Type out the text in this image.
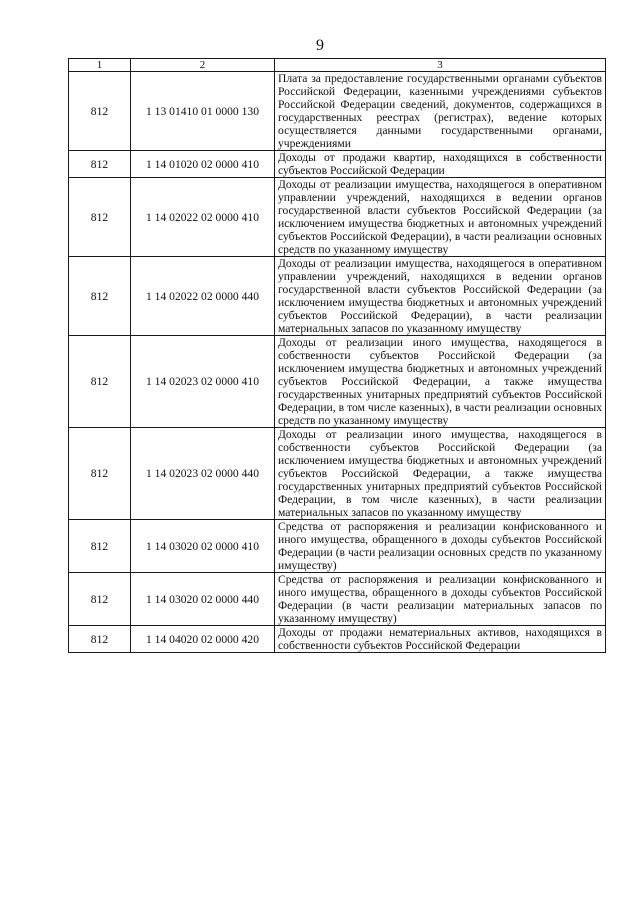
9
1	2	3
812	1 13 01410 01 0000 130	Плата за предоставление государственными органами субъектов Российской Федерации, казенными учреждениями субъектов Российской Федерации сведений, документов, содержащихся в государственных реестрах (регистрах), ведение которых осуществляется данными государственными органами, учреждениями
812	1 14 01020 02 0000 410	Доходы от продажи квартир, находящихся в собственности субъектов Российской Федерации
812	1 14 02022 02 0000 410	Доходы от реализации имущества, находящегося в оперативном управлении учреждений, находящихся в ведении органов государственной власти субъектов Российской Федерации (за исключением имущества бюджетных и автономных учреждений субъектов Российской Федерации), в части реализации основных средств по указанному имуществу
812	1 14 02022 02 0000 440	Доходы от реализации имущества, находящегося в оперативном управлении учреждений, находящихся в ведении органов государственной власти субъектов Российской Федерации (за исключением имущества бюджетных и автономных учреждений субъектов Российской Федерации), в части реализации материальных запасов по указанному имуществу
812	1 14 02023 02 0000 410	Доходы от реализации иного имущества, находящегося в собственности субъектов Российской Федерации (за исключением имущества бюджетных и автономных учреждений субъектов Российской Федерации, а также имущества государственных унитарных предприятий субъектов Российской Федерации, в том числе казенных), в части реализации основных средств по указанному имуществу
812	1 14 02023 02 0000 440	Доходы от реализации иного имущества, находящегося в собственности субъектов Российской Федерации (за исключением имущества бюджетных и автономных учреждений субъектов Российской Федерации, а также имущества государственных унитарных предприятий субъектов Российской Федерации, в том числе казенных), в части реализации материальных запасов по указанному имуществу
812	1 14 03020 02 0000 410	Средства от распоряжения и реализации конфискованного и иного имущества, обращенного в доходы субъектов Российской Федерации (в части реализации основных средств по указанному имуществу)
812	1 14 03020 02 0000 440	Средства от распоряжения и реализации конфискованного и иного имущества, обращенного в доходы субъектов Российской Федерации (в части реализации материальных запасов по указанному имуществу)
812	1 14 04020 02 0000 420	Доходы от продажи нематериальных активов, находящихся в собственности субъектов Российской Федерации
